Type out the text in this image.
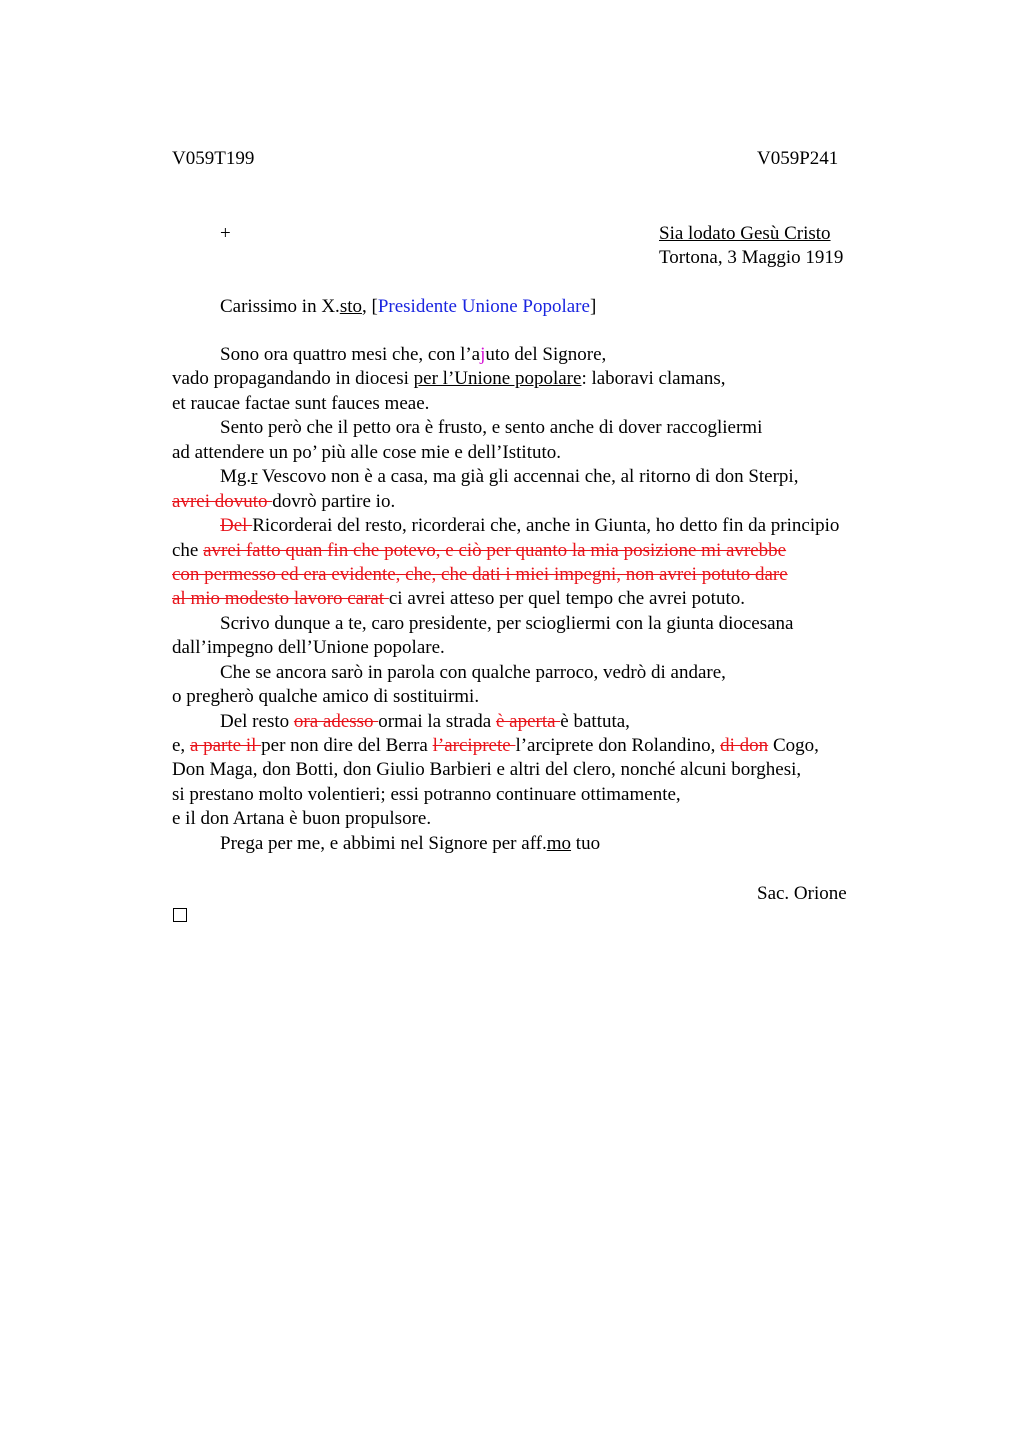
V059T199	V059P241
+	Sia lodato Gesù Cristo
Tortona, 3 Maggio 1919
Carissimo in X.sto, [Presidente Unione Popolare]
Sono ora quattro mesi che, con l’ajuto del Signore,
vado propagandando in diocesi per l’Unione popolare: laboravi clamans,
et raucae factae sunt fauces meae.
Sento però che il petto ora è frusto, e sento anche di dover raccogliermi
ad attendere un po’ più alle cose mie e dell’Istituto.
Mg.r Vescovo non è a casa, ma già gli accennai che, al ritorno di don Sterpi,
avrei dovuto dovrò partire io.
Del Ricorderai del resto, ricorderai che, anche in Giunta, ho detto fin da principio
che avrei fatto quan fin che potevo, e ciò per quanto la mia posizione mi avrebbe
con permesso ed era evidente, che, che dati i miei impegni, non avrei potuto dare
al mio modesto lavoro carat ci avrei atteso per quel tempo che avrei potuto.
Scrivo dunque a te, caro presidente, per sciogliermi con la giunta diocesana
dall’impegno dell’Unione popolare.
Che se ancora sarò in parola con qualche parroco, vedrò di andare,
o pregherò qualche amico di sostituirmi.
Del resto ora adesso ormai la strada è aperta è battuta,
e, a parte il per non dire del Berra l’arciprete l’arciprete don Rolandino, di don Cogo,
Don Maga, don Botti, don Giulio Barbieri e altri del clero, nonché alcuni borghesi,
si prestano molto volentieri; essi potranno continuare ottimamente,
e il don Artana è buon propulsore.
Prega per me, e abbimi nel Signore per aff.mo tuo
Sac. Orione
